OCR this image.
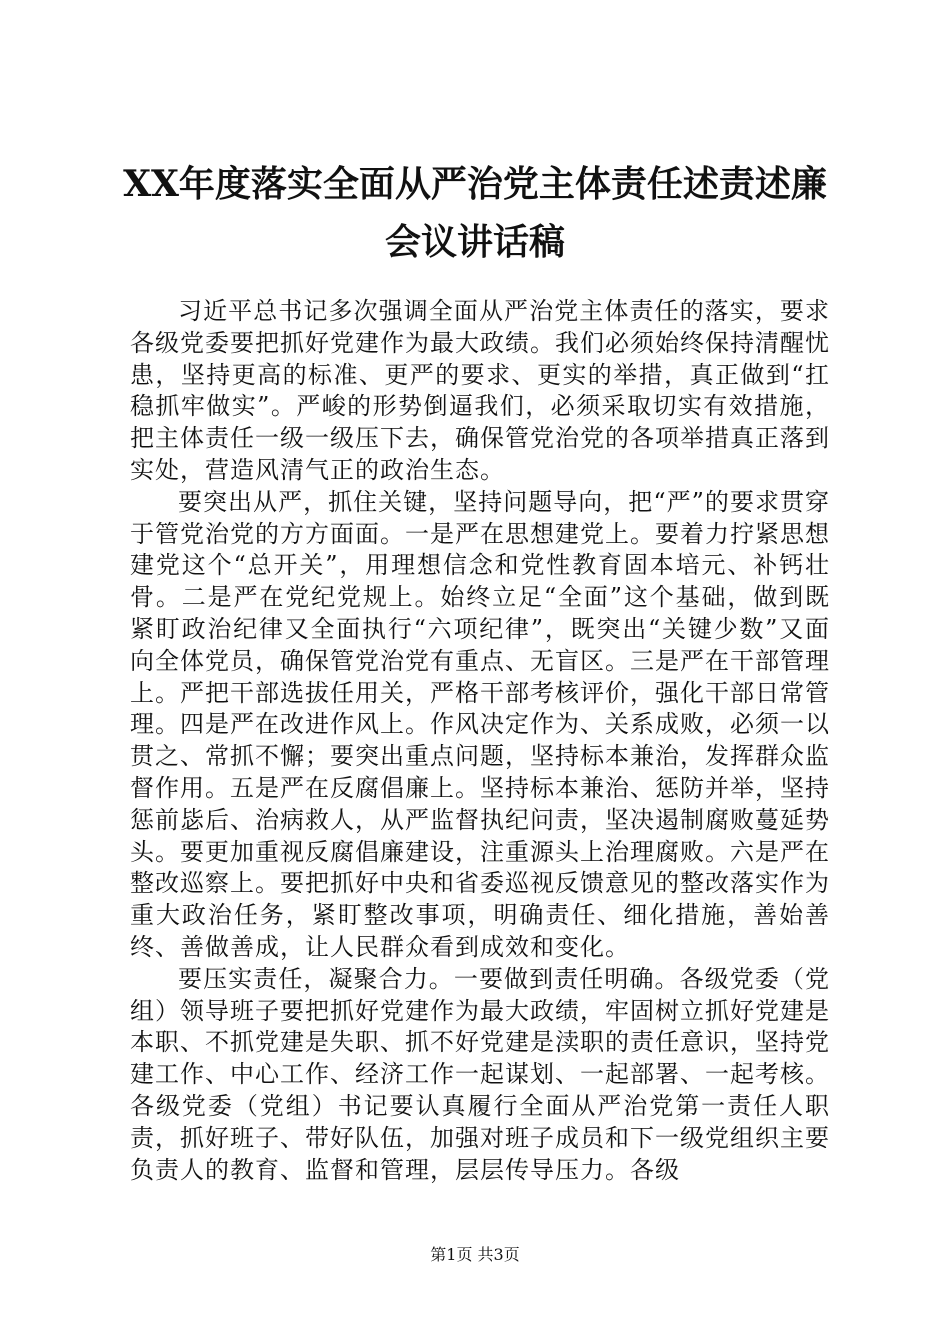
XX年度落实全面从严治党主体责任述责述廉
会议讲话稿

习近平总书记多次强调全面从严治党主体责任的落实，要求各级党委要把抓好党建作为最大政绩。我们必须始终保持清醒忧患，坚持更高的标准、更严的要求、更实的举措，真正做到“扛稳抓牢做实”。严峻的形势倒逼我们，必须采取切实有效措施，把主体责任一级一级压下去，确保管党治党的各项举措真正落到实处，营造风清气正的政治生态。

要突出从严，抓住关键，坚持问题导向，把“严”的要求贯穿于管党治党的方方面面。一是严在思想建党上。要着力拧紧思想建党这个“总开关”，用理想信念和党性教育固本培元、补钙壮骨。二是严在党纪党规上。始终立足“全面”这个基础，做到既紧盯政治纪律又全面执行“六项纪律”，既突出“关键少数”又面向全体党员，确保管党治党有重点、无盲区。三是严在干部管理上。严把干部选拔任用关，严格干部考核评价，强化干部日常管理。四是严在改进作风上。作风决定作为、关系成败，必须一以贯之、常抓不懈；要突出重点问题，坚持标本兼治，发挥群众监督作用。五是严在反腐倡廉上。坚持标本兼治、惩防并举，坚持惩前毖后、治病救人，从严监督执纪问责，坚决遏制腐败蔓延势头。要更加重视反腐倡廉建设，注重源头上治理腐败。六是严在整改巡察上。要把抓好中央和省委巡视反馈意见的整改落实作为重大政治任务，紧盯整改事项，明确责任、细化措施，善始善终、善做善成，让人民群众看到成效和变化。

要压实责任，凝聚合力。一要做到责任明确。各级党委（党组）领导班子要把抓好党建作为最大政绩，牢固树立抓好党建是本职、不抓党建是失职、抓不好党建是渎职的责任意识，坚持党建工作、中心工作、经济工作一起谋划、一起部署、一起考核。各级党委（党组）书记要认真履行全面从严治党第一责任人职责，抓好班子、带好队伍，加强对班子成员和下一级党组织主要负责人的教育、监督和管理，层层传导压力。各级

第1页 共3页
